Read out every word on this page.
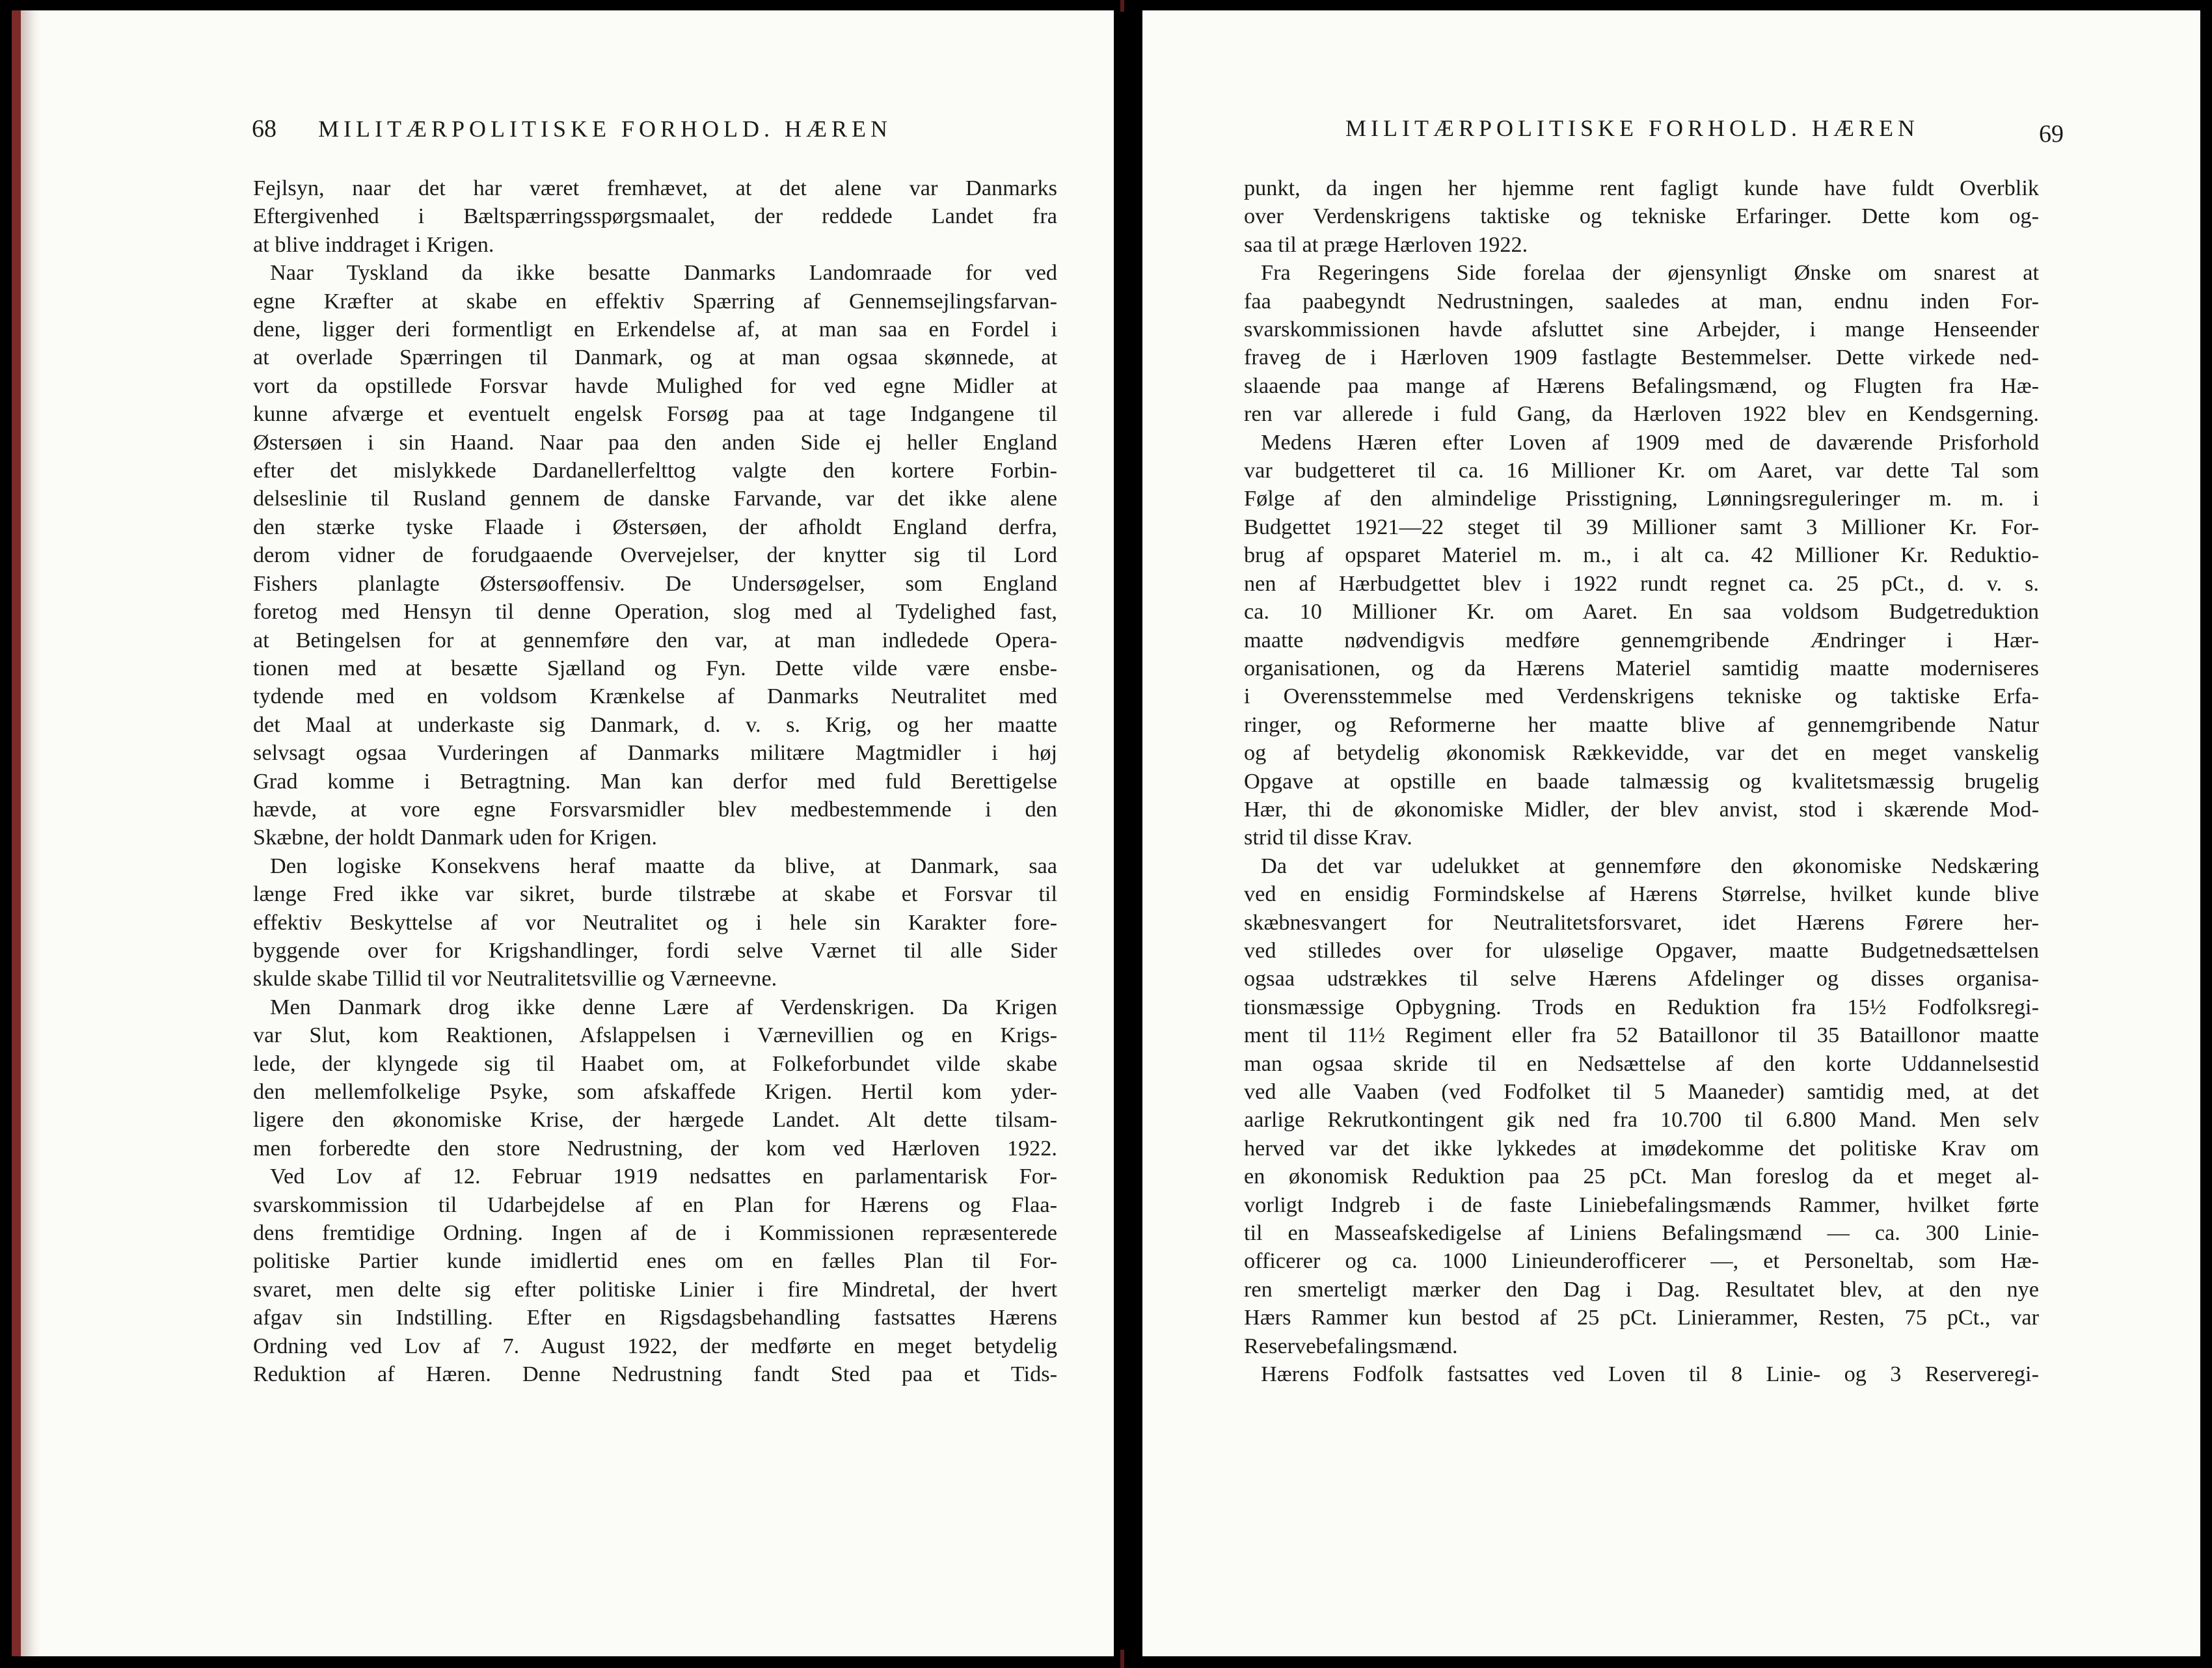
68 MILITÆRPOLITISKE FORHOLD. HÆREN
Fejlsyn, naar det har været fremhævet, at det alene var Danmarks
Eftergivenhed i Bæltspærringsspørgsmaalet, der reddede Landet fra
at blive inddraget i Krigen.
Naar Tyskland da ikke besatte Danmarks Landomraade for ved
egne Kræfter at skabe en effektiv Spærring af Gennemsejlingsfarvan-
dene, ligger deri formentligt en Erkendelse af, at man saa en Fordel i
at overlade Spærringen til Danmark, og at man ogsaa skønnede, at
vort da opstillede Forsvar havde Mulighed for ved egne Midler at
kunne afværge et eventuelt engelsk Forsøg paa at tage Indgangene til
Østersøen i sin Haand. Naar paa den anden Side ej heller England
efter det mislykkede Dardanellerfelttog valgte den kortere Forbin-
delseslinie til Rusland gennem de danske Farvande, var det ikke alene
den stærke tyske Flaade i Østersøen, der afholdt England derfra,
derom vidner de forudgaaende Overvejelser, der knytter sig til Lord
Fishers planlagte Østersøoffensiv. De Undersøgelser, som England
foretog med Hensyn til denne Operation, slog med al Tydelighed fast,
at Betingelsen for at gennemføre den var, at man indledede Opera-
tionen med at besætte Sjælland og Fyn. Dette vilde være ensbe-
tydende med en voldsom Krænkelse af Danmarks Neutralitet med
det Maal at underkaste sig Danmark, d. v. s. Krig, og her maatte
selvsagt ogsaa Vurderingen af Danmarks militære Magtmidler i høj
Grad komme i Betragtning. Man kan derfor med fuld Berettigelse
hævde, at vore egne Forsvarsmidler blev medbestemmende i den
Skæbne, der holdt Danmark uden for Krigen.
Den logiske Konsekvens heraf maatte da blive, at Danmark, saa
længe Fred ikke var sikret, burde tilstræbe at skabe et Forsvar til
effektiv Beskyttelse af vor Neutralitet og i hele sin Karakter fore-
byggende over for Krigshandlinger, fordi selve Værnet til alle Sider
skulde skabe Tillid til vor Neutralitetsvillie og Værneevne.
Men Danmark drog ikke denne Lære af Verdenskrigen. Da Krigen
var Slut, kom Reaktionen, Afslappelsen i Værnevillien og en Krigs-
lede, der klyngede sig til Haabet om, at Folkeforbundet vilde skabe
den mellemfolkelige Psyke, som afskaffede Krigen. Hertil kom yder-
ligere den økonomiske Krise, der hærgede Landet. Alt dette tilsam-
men forberedte den store Nedrustning, der kom ved Hærloven 1922.
Ved Lov af 12. Februar 1919 nedsattes en parlamentarisk For-
svarskommission til Udarbejdelse af en Plan for Hærens og Flaa-
dens fremtidige Ordning. Ingen af de i Kommissionen repræsenterede
politiske Partier kunde imidlertid enes om en fælles Plan til For-
svaret, men delte sig efter politiske Linier i fire Mindretal, der hvert
afgav sin Indstilling. Efter en Rigsdagsbehandling fastsattes Hærens
Ordning ved Lov af 7. August 1922, der medførte en meget betydelig
Reduktion af Hæren. Denne Nedrustning fandt Sted paa et Tids-
MILITÆRPOLITISKE FORHOLD. HÆREN	69
punkt, da ingen her hjemme rent fagligt kunde have fuldt Overblik
over Verdenskrigens taktiske og tekniske Erfaringer. Dette kom og-
saa til at præge Hærloven 1922.
Fra Regeringens Side forelaa der øjensynligt Ønske om snarest at
faa paabegyndt Nedrustningen, saaledes at man, endnu inden For-
svarskommissionen havde afsluttet sine Arbejder, i mange Henseender
fraveg de i Hærloven 1909 fastlagte Bestemmelser. Dette virkede ned-
slaaende paa mange af Hærens Befalingsmænd, og Flugten fra Hæ-
ren var allerede i fuld Gang, da Hærloven 1922 blev en Kendsgerning.
Medens Hæren efter Loven af 1909 med de daværende Prisforhold
var budgetteret til ca. 16 Millioner Kr. om Aaret, var dette Tal som
Følge af den almindelige Prisstigning, Lønningsreguleringer m. m. i
Budgettet 1921—22 steget til 39 Millioner samt 3 Millioner Kr. For-
brug af opsparet Materiel m. m., i alt ca. 42 Millioner Kr. Reduktio-
nen af Hærbudgettet blev i 1922 rundt regnet ca. 25 pCt., d. v. s.
ca. 10 Millioner Kr. om Aaret. En saa voldsom Budgetreduktion
maatte nødvendigvis medføre gennemgribende Ændringer i Hær-
organisationen, og da Hærens Materiel samtidig maatte moderniseres
i Overensstemmelse med Verdenskrigens tekniske og taktiske Erfa-
ringer, og Reformerne her maatte blive af gennemgribende Natur
og af betydelig økonomisk Rækkevidde, var det en meget vanskelig
Opgave at opstille en baade talmæssig og kvalitetsmæssig brugelig
Hær, thi de økonomiske Midler, der blev anvist, stod i skærende Mod-
strid til disse Krav.
Da det var udelukket at gennemføre den økonomiske Nedskæring
ved en ensidig Formindskelse af Hærens Størrelse, hvilket kunde blive
skæbnesvangert for Neutralitetsforsvaret, idet Hærens Førere her-
ved stilledes over for uløselige Opgaver, maatte Budgetnedsættelsen
ogsaa udstrækkes til selve Hærens Afdelinger og disses organisa-
tionsmæssige Opbygning. Trods en Reduktion fra 15½ Fodfolksregi-
ment til 11½ Regiment eller fra 52 Bataillonor til 35 Bataillonor maatte
man ogsaa skride til en Nedsættelse af den korte Uddannelsestid
ved alle Vaaben (ved Fodfolket til 5 Maaneder) samtidig med, at det
aarlige Rekrutkontingent gik ned fra 10.700 til 6.800 Mand. Men selv
herved var det ikke lykkedes at imødekomme det politiske Krav om
en økonomisk Reduktion paa 25 pCt. Man foreslog da et meget al-
vorligt Indgreb i de faste Liniebefalingsmænds Rammer, hvilket førte
til en Masseafskedigelse af Liniens Befalingsmænd — ca. 300 Linie-
officerer og ca. 1000 Linieunderofficerer —, et Personeltab, som Hæ-
ren smerteligt mærker den Dag i Dag. Resultatet blev, at den nye
Hærs Rammer kun bestod af 25 pCt. Linierammer, Resten, 75 pCt., var
Reservebefalingsmænd.
Hærens Fodfolk fastsattes ved Loven til 8 Linie- og 3 Reserveregi-
